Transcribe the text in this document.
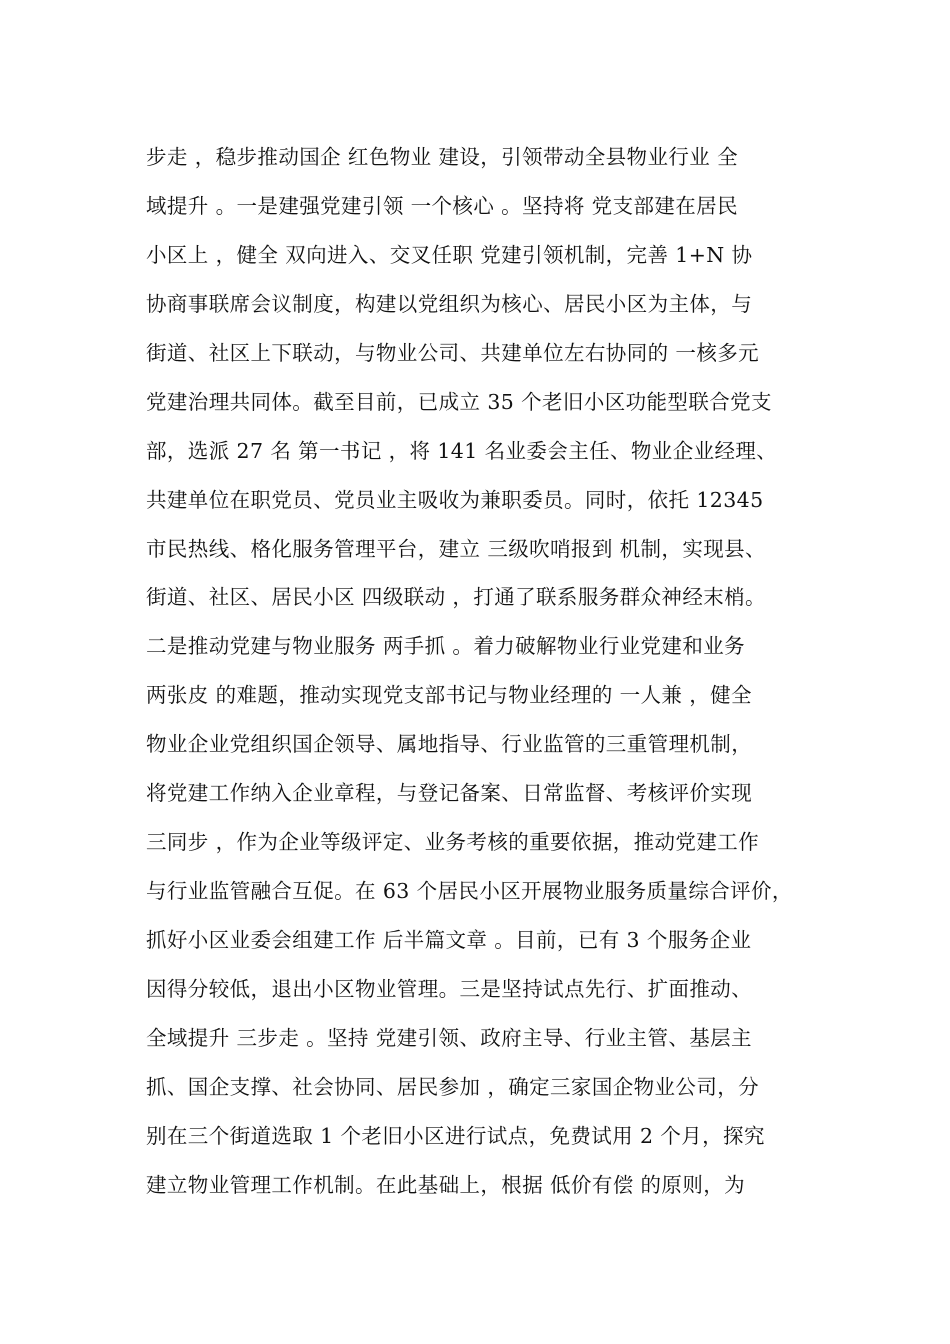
步走 ，稳步推动国企 红色物业 建设，引领带动全县物业行业 全
域提升 。一是建强党建引领 一个核心 。坚持将 党支部建在居民
小区上 ，健全 双向进入、交叉任职 党建引领机制，完善 1+N 协
协商事联席会议制度，构建以党组织为核心、居民小区为主体，与
街道、社区上下联动，与物业公司、共建单位左右协同的 一核多元
党建治理共同体。截至目前，已成立 35 个老旧小区功能型联合党支
部，选派 27 名 第一书记 ，将 141 名业委会主任、物业企业经理、
共建单位在职党员、党员业主吸收为兼职委员。同时，依托 12345
市民热线、格化服务管理平台，建立 三级吹哨报到 机制，实现县、
街道、社区、居民小区 四级联动 ，打通了联系服务群众神经末梢。
二是推动党建与物业服务 两手抓 。着力破解物业行业党建和业务
两张皮 的难题，推动实现党支部书记与物业经理的 一人兼 ，健全
物业企业党组织国企领导、属地指导、行业监管的三重管理机制，
将党建工作纳入企业章程，与登记备案、日常监督、考核评价实现
三同步 ，作为企业等级评定、业务考核的重要依据，推动党建工作
与行业监管融合互促。在 63 个居民小区开展物业服务质量综合评价，
抓好小区业委会组建工作 后半篇文章 。目前，已有 3 个服务企业
因得分较低，退出小区物业管理。三是坚持试点先行、扩面推动、
全域提升 三步走 。坚持 党建引领、政府主导、行业主管、基层主
抓、国企支撑、社会协同、居民参加 ，确定三家国企物业公司，分
别在三个街道选取 1 个老旧小区进行试点，免费试用 2 个月，探究
建立物业管理工作机制。在此基础上，根据 低价有偿 的原则，为
